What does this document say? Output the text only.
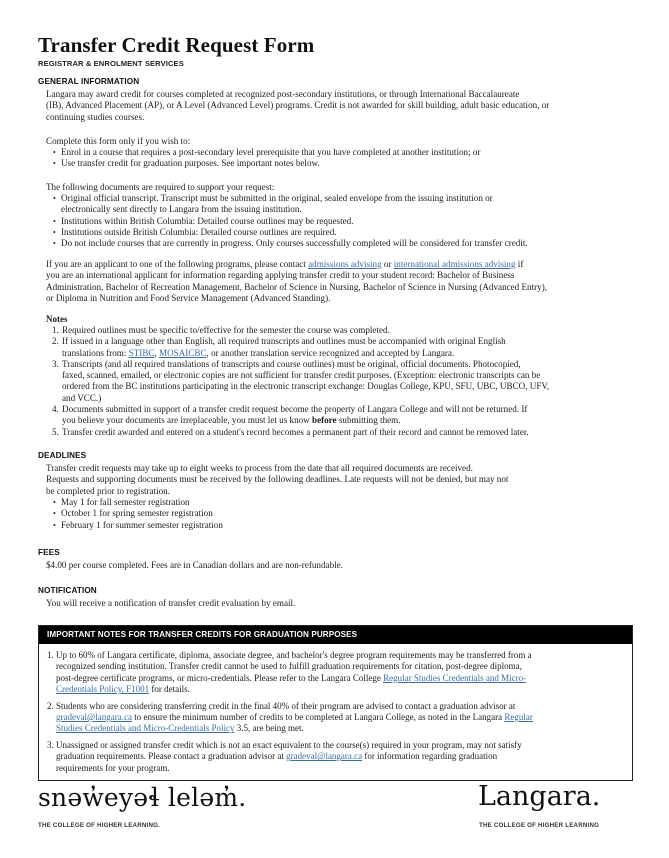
Transfer Credit Request Form
REGISTRAR & ENROLMENT SERVICES
GENERAL INFORMATION
Langara may award credit for courses completed at recognized post-secondary institutions, or through International Baccalaureate
(IB), Advanced Placement (AP), or A Level (Advanced Level) programs. Credit is not awarded for skill building, adult basic education, or
continuing studies courses.
Complete this form only if you wish to:
• Enrol in a course that requires a post-secondary level prerequisite that you have completed at another institution; or
• Use transfer credit for graduation purposes. See important notes below.
The following documents are required to support your request:
• Original official transcript. Transcript must be submitted in the original, sealed envelope from the issuing institution or
electronically sent directly to Langara from the issuing institution.
• Institutions within British Columbia: Detailed course outlines may be requested.
• Institutions outside British Columbia: Detailed course outlines are required.
• Do not include courses that are currently in progress. Only courses successfully completed will be considered for transfer credit.
If you are an applicant to one of the following programs, please contact admissions advising or international admissions advising if
you are an international applicant for information regarding applying transfer credit to your student record: Bachelor of Business
Administration, Bachelor of Recreation Management, Bachelor of Science in Nursing, Bachelor of Science in Nursing (Advanced Entry),
or Diploma in Nutrition and Food Service Management (Advanced Standing).
Notes
1. Required outlines must be specific to/effective for the semester the course was completed.
2. If issued in a language other than English, all required transcripts and outlines must be accompanied with original English
translations from: STIBC, MOSAICBC, or another translation service recognized and accepted by Langara.
3. Transcripts (and all required translations of transcripts and course outlines) must be original, official documents. Photocopied,
faxed, scanned, emailed, or electronic copies are not sufficient for transfer credit purposes. (Exception: electronic transcripts can be
ordered from the BC institutions participating in the electronic transcript exchange: Douglas College, KPU, SFU, UBC, UBCO, UFV,
and VCC.)
4. Documents submitted in support of a transfer credit request become the property of Langara College and will not be returned. If
you believe your documents are irreplaceable, you must let us know before submitting them.
5. Transfer credit awarded and entered on a student's record becomes a permanent part of their record and cannot be removed later.
DEADLINES
Transfer credit requests may take up to eight weeks to process from the date that all required documents are received.
Requests and supporting documents must be received by the following deadlines. Late requests will not be denied, but may not
be completed prior to registration.
• May 1 for fall semester registration
• October 1 for spring semester registration
• February 1 for summer semester registration
FEES
$4.00 per course completed. Fees are in Canadian dollars and are non-refundable.
NOTIFICATION
You will receive a notification of transfer credit evaluation by email.
IMPORTANT NOTES FOR TRANSFER CREDITS FOR GRADUATION PURPOSES
1. Up to 60% of Langara certificate, diploma, associate degree, and bachelor's degree program requirements may be transferred from a
recognized sending institution. Transfer credit cannot be used to fulfill graduation requirements for citation, post-degree diploma,
post-degree certificate programs, or micro-credentials. Please refer to the Langara College Regular Studies Credentials and Micro-
Credentials Policy, F1001 for details.
2. Students who are considering transferring credit in the final 40% of their program are advised to contact a graduation advisor at
gradeval@langara.ca to ensure the minimum number of credits to be completed at Langara College, as noted in the Langara Regular
Studies Credentials and Micro-Credentials Policy 3.5, are being met.
3. Unassigned or assigned transfer credit which is not an exact equivalent to the course(s) required in your program, may not satisfy
graduation requirements. Please contact a graduation advisor at gradeval@langara.ca for information regarding graduation
requirements for your program.
snəw̓eyəɬ leləm̓.
THE COLLEGE OF HIGHER LEARNING.
Langara.
THE COLLEGE OF HIGHER LEARNING
